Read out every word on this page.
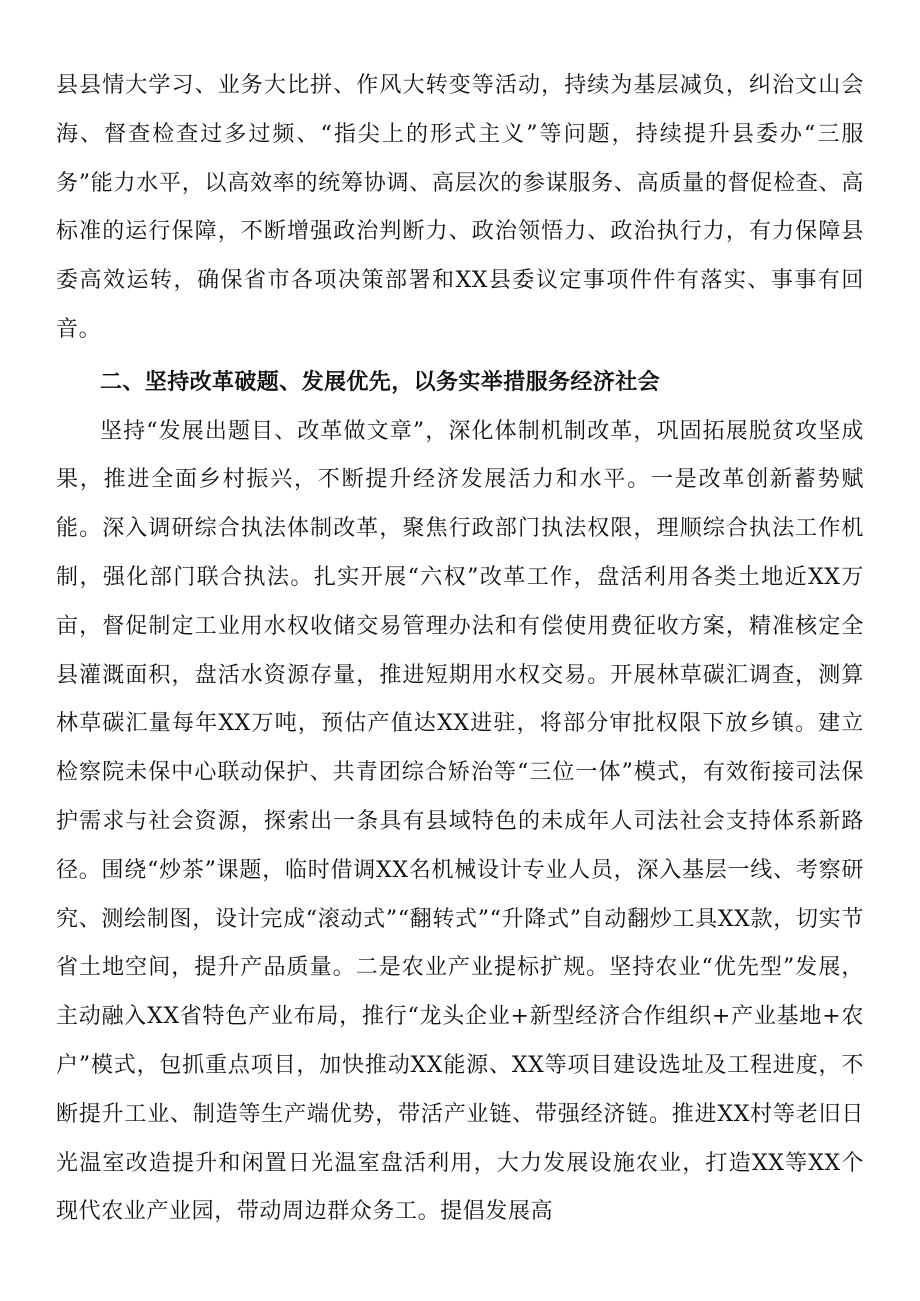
县县情大学习、业务大比拼、作风大转变等活动，持续为基层减负，纠治文山会海、督查检查过多过频、“指尖上的形式主义”等问题，持续提升县委办“三服务”能力水平，以高效率的统筹协调、高层次的参谋服务、高质量的督促检查、高标准的运行保障，不断增强政治判断力、政治领悟力、政治执行力，有力保障县委高效运转，确保省市各项决策部署和XX县委议定事项件件有落实、事事有回音。

二、坚持改革破题、发展优先，以务实举措服务经济社会

坚持“发展出题目、改革做文章”，深化体制机制改革，巩固拓展脱贫攻坚成果，推进全面乡村振兴，不断提升经济发展活力和水平。一是改革创新蓄势赋能。深入调研综合执法体制改革，聚焦行政部门执法权限，理顺综合执法工作机制，强化部门联合执法。扎实开展“六权”改革工作，盘活利用各类土地近XX万亩，督促制定工业用水权收储交易管理办法和有偿使用费征收方案，精准核定全县灌溉面积，盘活水资源存量，推进短期用水权交易。开展林草碳汇调查，测算林草碳汇量每年XX万吨，预估产值达XX进驻，将部分审批权限下放乡镇。建立检察院未保中心联动保护、共青团综合矫治等“三位一体”模式，有效衔接司法保护需求与社会资源，探索出一条具有县域特色的未成年人司法社会支持体系新路径。围绕“炒茶”课题，临时借调XX名机械设计专业人员，深入基层一线、考察研究、测绘制图，设计完成“滚动式”“翻转式”“升降式”自动翻炒工具XX款，切实节省土地空间，提升产品质量。二是农业产业提标扩规。坚持农业“优先型”发展，主动融入XX省特色产业布局，推行“龙头企业+新型经济合作组织+产业基地+农户”模式，包抓重点项目，加快推动XX能源、XX等项目建设选址及工程进度，不断提升工业、制造等生产端优势，带活产业链、带强经济链。推进XX村等老旧日光温室改造提升和闲置日光温室盘活利用，大力发展设施农业，打造XX等XX个现代农业产业园，带动周边群众务工。提倡发展高
